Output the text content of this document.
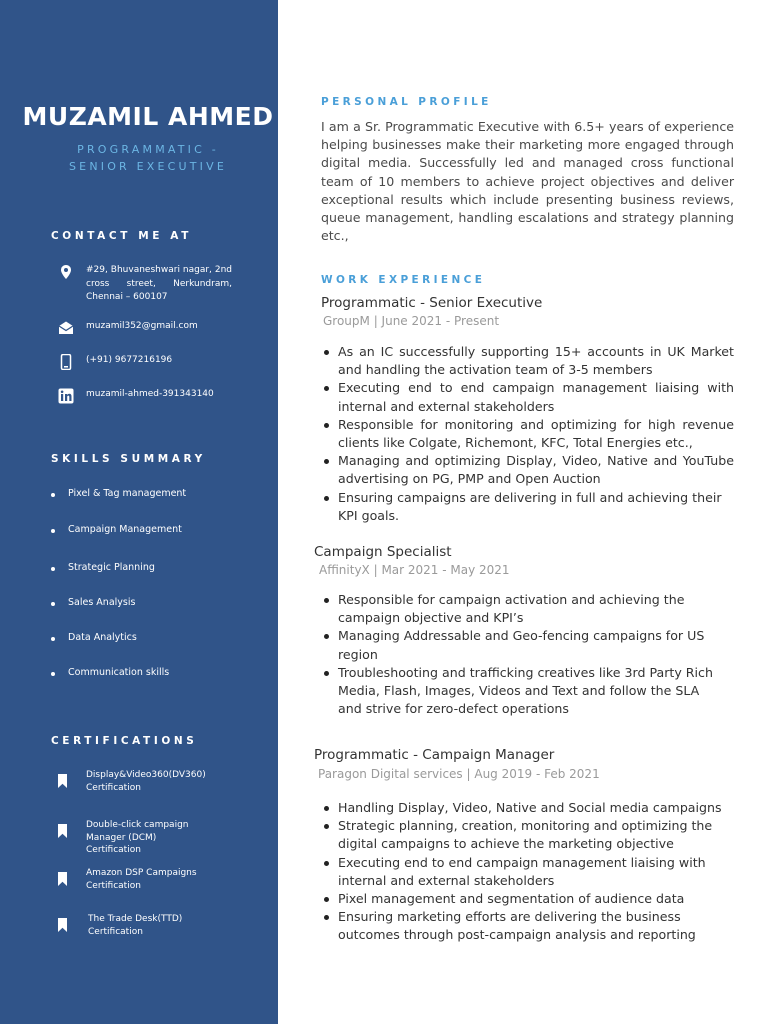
MUZAMIL AHMED
PROGRAMMATIC -
SENIOR EXECUTIVE
CONTACT ME AT
#29, Bhuvaneshwari nagar, 2nd cross street, Nerkundram, Chennai – 600107
muzamil352@gmail.com
(+91) 9677216196
muzamil-ahmed-391343140
SKILLS SUMMARY
Pixel & Tag management
Campaign Management
Strategic Planning
Sales Analysis
Data Analytics
Communication skills
CERTIFICATIONS
Display&Video360(DV360) Certification
Double-click campaign Manager (DCM) Certification
Amazon DSP Campaigns Certification
The Trade Desk(TTD) Certification
PERSONAL PROFILE
I am a Sr. Programmatic Executive with 6.5+ years of experience helping businesses make their marketing more engaged through digital media. Successfully led and managed cross functional team of 10 members to achieve project objectives and deliver exceptional results which include presenting business reviews, queue management, handling escalations and strategy planning etc.,
WORK EXPERIENCE
Programmatic - Senior Executive
GroupM | June 2021 - Present
As an IC successfully supporting 15+ accounts in UK Market and handling the activation team of 3-5 members
Executing end to end campaign management liaising with internal and external stakeholders
Responsible for monitoring and optimizing for high revenue clients like Colgate, Richemont, KFC, Total Energies etc.,
Managing and optimizing Display, Video, Native and YouTube advertising on PG, PMP and Open Auction
Ensuring campaigns are delivering in full and achieving their KPI goals.
Campaign Specialist
AffinityX | Mar 2021 - May 2021
Responsible for campaign activation and achieving the campaign objective and KPI’s
Managing Addressable and Geo-fencing campaigns for US region
Troubleshooting and trafficking creatives like 3rd Party Rich Media, Flash, Images, Videos and Text and follow the SLA and strive for zero-defect operations
Programmatic - Campaign Manager
Paragon Digital services | Aug 2019 - Feb 2021
Handling Display, Video, Native and Social media campaigns
Strategic planning, creation, monitoring and optimizing the digital campaigns to achieve the marketing objective
Executing end to end campaign management liaising with internal and external stakeholders
Pixel management and segmentation of audience data
Ensuring marketing efforts are delivering the business outcomes through post-campaign analysis and reporting
